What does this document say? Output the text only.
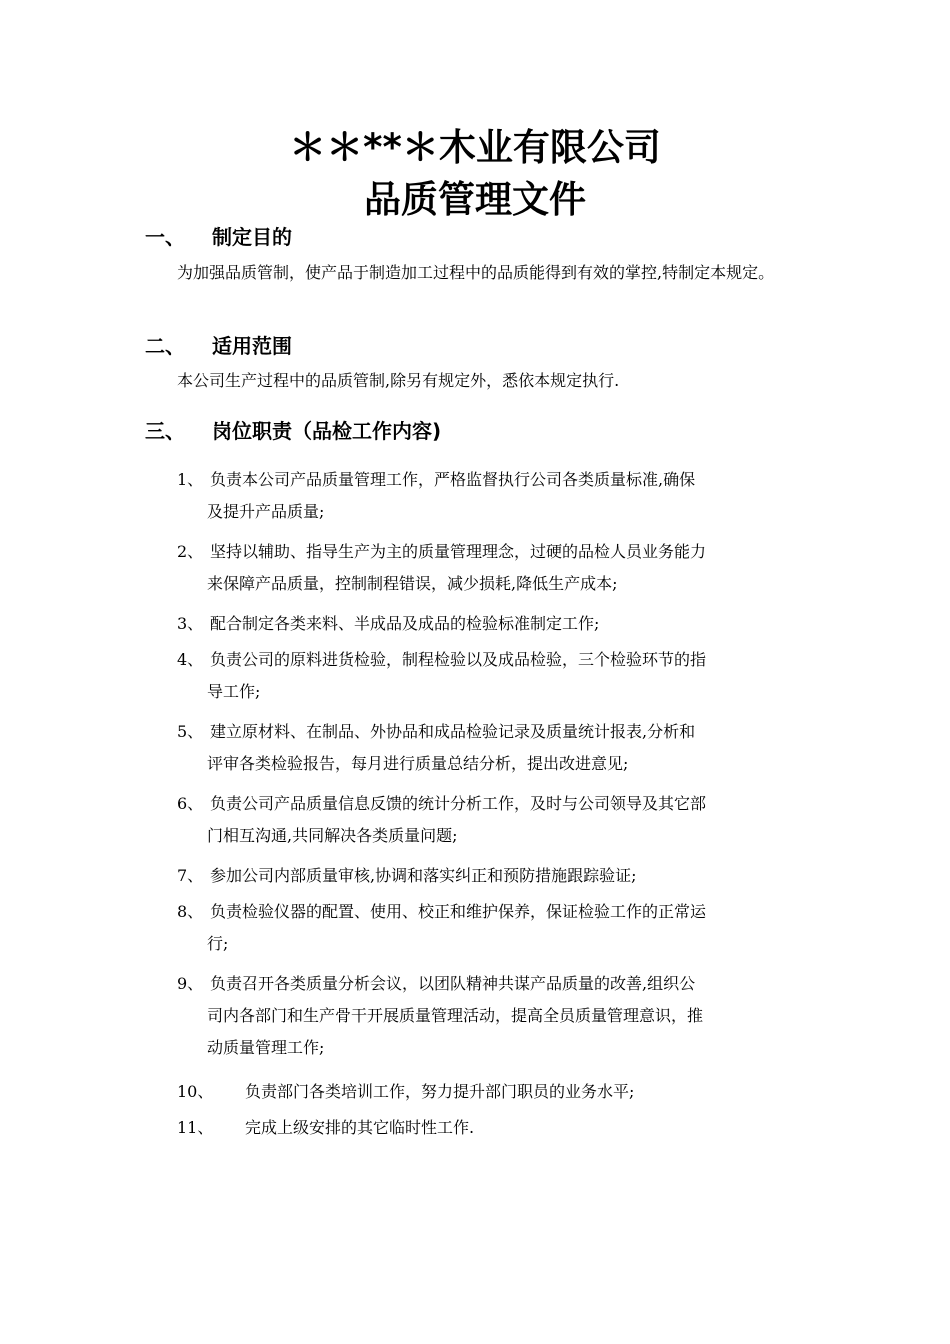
＊＊**＊木业有限公司
品质管理文件
一、 制定目的
为加强品质管制，使产品于制造加工过程中的品质能得到有效的掌控,特制定本规定。
二、 适用范围
本公司生产过程中的品质管制,除另有规定外，悉依本规定执行.
三、 岗位职责（品检工作内容)
1、 负责本公司产品质量管理工作，严格监督执行公司各类质量标准,确保
及提升产品质量;
2、 坚持以辅助、指导生产为主的质量管理理念，过硬的品检人员业务能力
来保障产品质量，控制制程错误，减少损耗,降低生产成本;
3、 配合制定各类来料、半成品及成品的检验标准制定工作;
4、 负责公司的原料进货检验，制程检验以及成品检验，三个检验环节的指
导工作;
5、 建立原材料、在制品、外协品和成品检验记录及质量统计报表,分析和
评审各类检验报告，每月进行质量总结分析，提出改进意见;
6、 负责公司产品质量信息反馈的统计分析工作，及时与公司领导及其它部
门相互沟通,共同解决各类质量问题;
7、 参加公司内部质量审核,协调和落实纠正和预防措施跟踪验证;
8、 负责检验仪器的配置、使用、校正和维护保养，保证检验工作的正常运
行;
9、 负责召开各类质量分析会议，以团队精神共谋产品质量的改善,组织公
司内各部门和生产骨干开展质量管理活动，提高全员质量管理意识，推
动质量管理工作;
10、	负责部门各类培训工作，努力提升部门职员的业务水平;
11、	完成上级安排的其它临时性工作.
